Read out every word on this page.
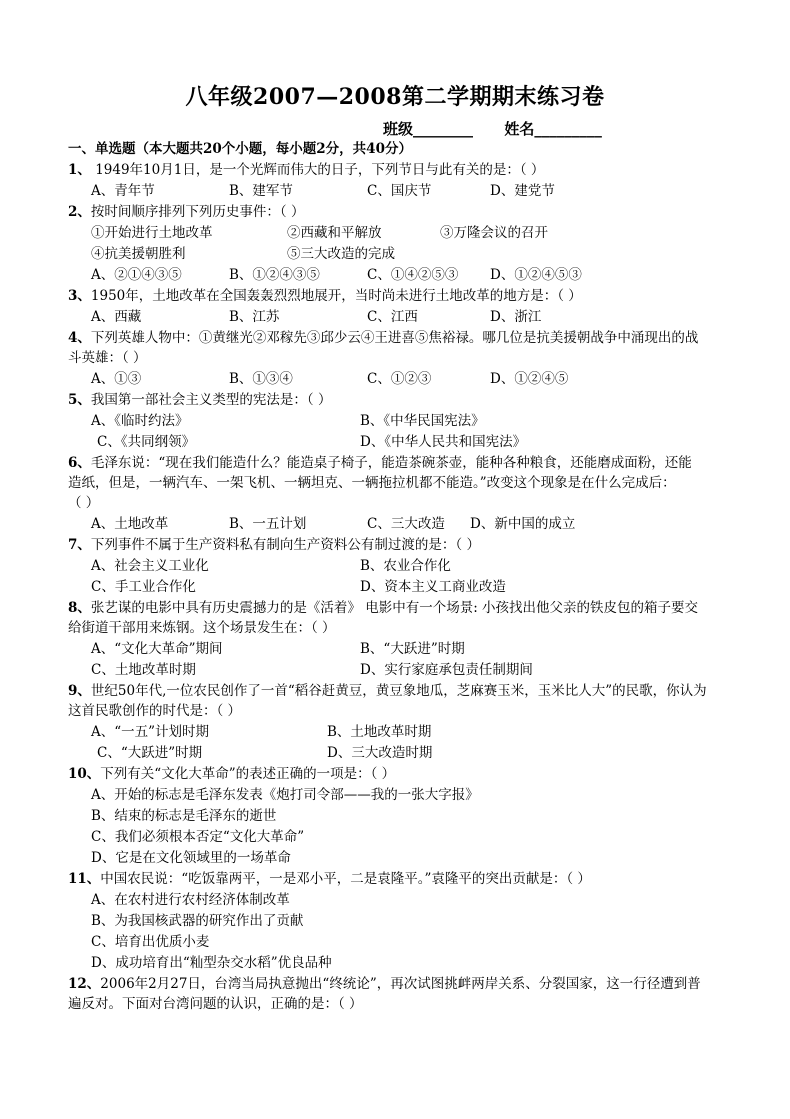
八年级2007—2008第二学期期末练习卷
班级________ 姓名_________
一、单选题（本大题共20个小题，每小题2分，共40分）
1、 1949年10月1日，是一个光辉而伟大的日子，下列节日与此有关的是：（ ）
A、青年节	B、建军节	C、国庆节	D、建党节
2、按时间顺序排列下列历史事件：（ ）
①开始进行土地改革	②西藏和平解放	③万隆会议的召开
④抗美援朝胜利	⑤三大改造的完成
A、②①④③⑤	B、①②④③⑤	C、①④②⑤③ D、①②④⑤③
3、1950年，土地改革在全国轰轰烈烈地展开，当时尚未进行土地改革的地方是：（ ）
A、西藏	B、江苏	C、江西	D、浙江
4、下列英雄人物中：①黄继光②邓稼先③邱少云④王进喜⑤焦裕禄。哪几位是抗美援朝战争中涌现出的战
斗英雄：（ ）
A、①③	B、①③④	C、①②③	D、①②④⑤
5、我国第一部社会主义类型的宪法是：（ ）
A、《临时约法》	B、《中华民国宪法》
C、《共同纲领》	D、《中华人民共和国宪法》
6、毛泽东说：“现在我们能造什么？能造桌子椅子，能造茶碗茶壶，能种各种粮食，还能磨成面粉，还能
造纸，但是，一辆汽车、一架飞机、一辆坦克、一辆拖拉机都不能造。”改变这个现象是在什么完成后：
（ ）
A、土地改革	B、一五计划	C、三大改造 D、新中国的成立
7、下列事件不属于生产资料私有制向生产资料公有制过渡的是：（ ）
A、社会主义工业化	B、农业合作化
C、手工业合作化	D、资本主义工商业改造
8、张艺谋的电影中具有历史震撼力的是《活着》 电影中有一个场景: 小孩找出他父亲的铁皮包的箱子要交
给街道干部用来炼钢。这个场景发生在：（ ）
A、“文化大革命”期间	B、“大跃进”时期
C、土地改革时期	D、实行家庭承包责任制期间
9、世纪50年代,一位农民创作了一首“稻谷赶黄豆，黄豆象地瓜，芝麻赛玉米，玉米比人大”的民歌，你认为
这首民歌创作的时代是：（ ）
A、“一五”计划时期	B、土地改革时期
C、“大跃进”时期	D、三大改造时期
10、下列有关“文化大革命”的表述正确的一项是：（ ）
A、开始的标志是毛泽东发表《炮打司令部——我的一张大字报》
B、结束的标志是毛泽东的逝世
C、我们必须根本否定“文化大革命”
D、它是在文化领域里的一场革命
11、中国农民说：“吃饭靠两平，一是邓小平，二是袁隆平。”袁隆平的突出贡献是：（ ）
A、在农村进行农村经济体制改革
B、为我国核武器的研究作出了贡献
C、培育出优质小麦
D、成功培育出“籼型杂交水稻”优良品种
12、2006年2月27日，台湾当局执意抛出“终统论”，再次试图挑衅两岸关系、分裂国家，这一行径遭到普
遍反对。下面对台湾问题的认识，正确的是：（ ）
